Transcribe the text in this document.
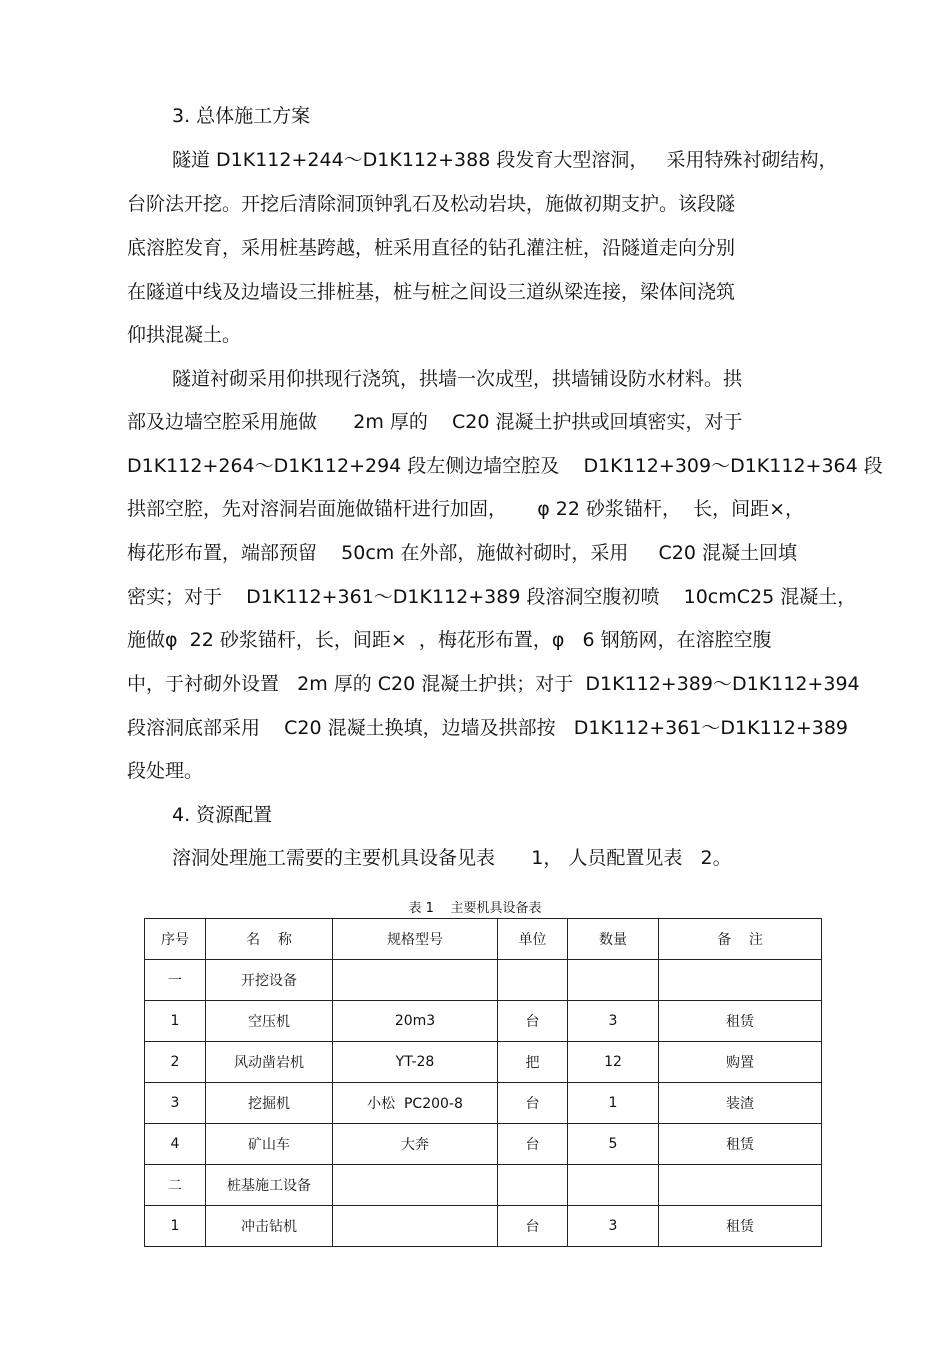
3. 总体施工方案

隧道 D1K112+244～D1K112+388 段发育大型溶洞，   采用特殊衬砌结构，

台阶法开挖。开挖后清除洞顶钟乳石及松动岩块，施做初期支护。该段隧

底溶腔发育，采用桩基跨越，桩采用直径的钻孔灌注桩，沿隧道走向分别

在隧道中线及边墙设三排桩基，桩与桩之间设三道纵梁连接，梁体间浇筑

仰拱混凝土。

隧道衬砌采用仰拱现行浇筑，拱墙一次成型，拱墙铺设防水材料。拱

部及边墙空腔采用施做      2m 厚的    C20 混凝土护拱或回填密实，对于

D1K112+264～D1K112+294 段左侧边墙空腔及    D1K112+309～D1K112+364 段

拱部空腔，先对溶洞岩面施做锚杆进行加固，     φ 22 砂浆锚杆，  长，间距×，

梅花形布置，端部预留    50cm 在外部，施做衬砌时，采用     C20 混凝土回填

密实；对于    D1K112+361～D1K112+389 段溶洞空腹初喷    10cmC25 混凝土，

施做φ  22 砂浆锚杆，长，间距×  ，梅花形布置，φ   6 钢筋网，在溶腔空腹

中，于衬砌外设置   2m 厚的 C20 混凝土护拱；对于  D1K112+389～D1K112+394

段溶洞底部采用    C20 混凝土换填，边墙及拱部按   D1K112+361～D1K112+389

段处理。

4. 资源配置

溶洞处理施工需要的主要机具设备见表      1， 人员配置见表   2。

表 1    主要机具设备表

序号	名    称	规格型号	单位	数量	备    注
一	开挖设备				
1	空压机	20m3	台	3	租赁
2	风动凿岩机	YT-28	把	12	购置
3	挖掘机	小松  PC200-8	台	1	装渣
4	矿山车	大奔	台	5	租赁
二	桩基施工设备				
1	冲击钻机		台	3	租赁
